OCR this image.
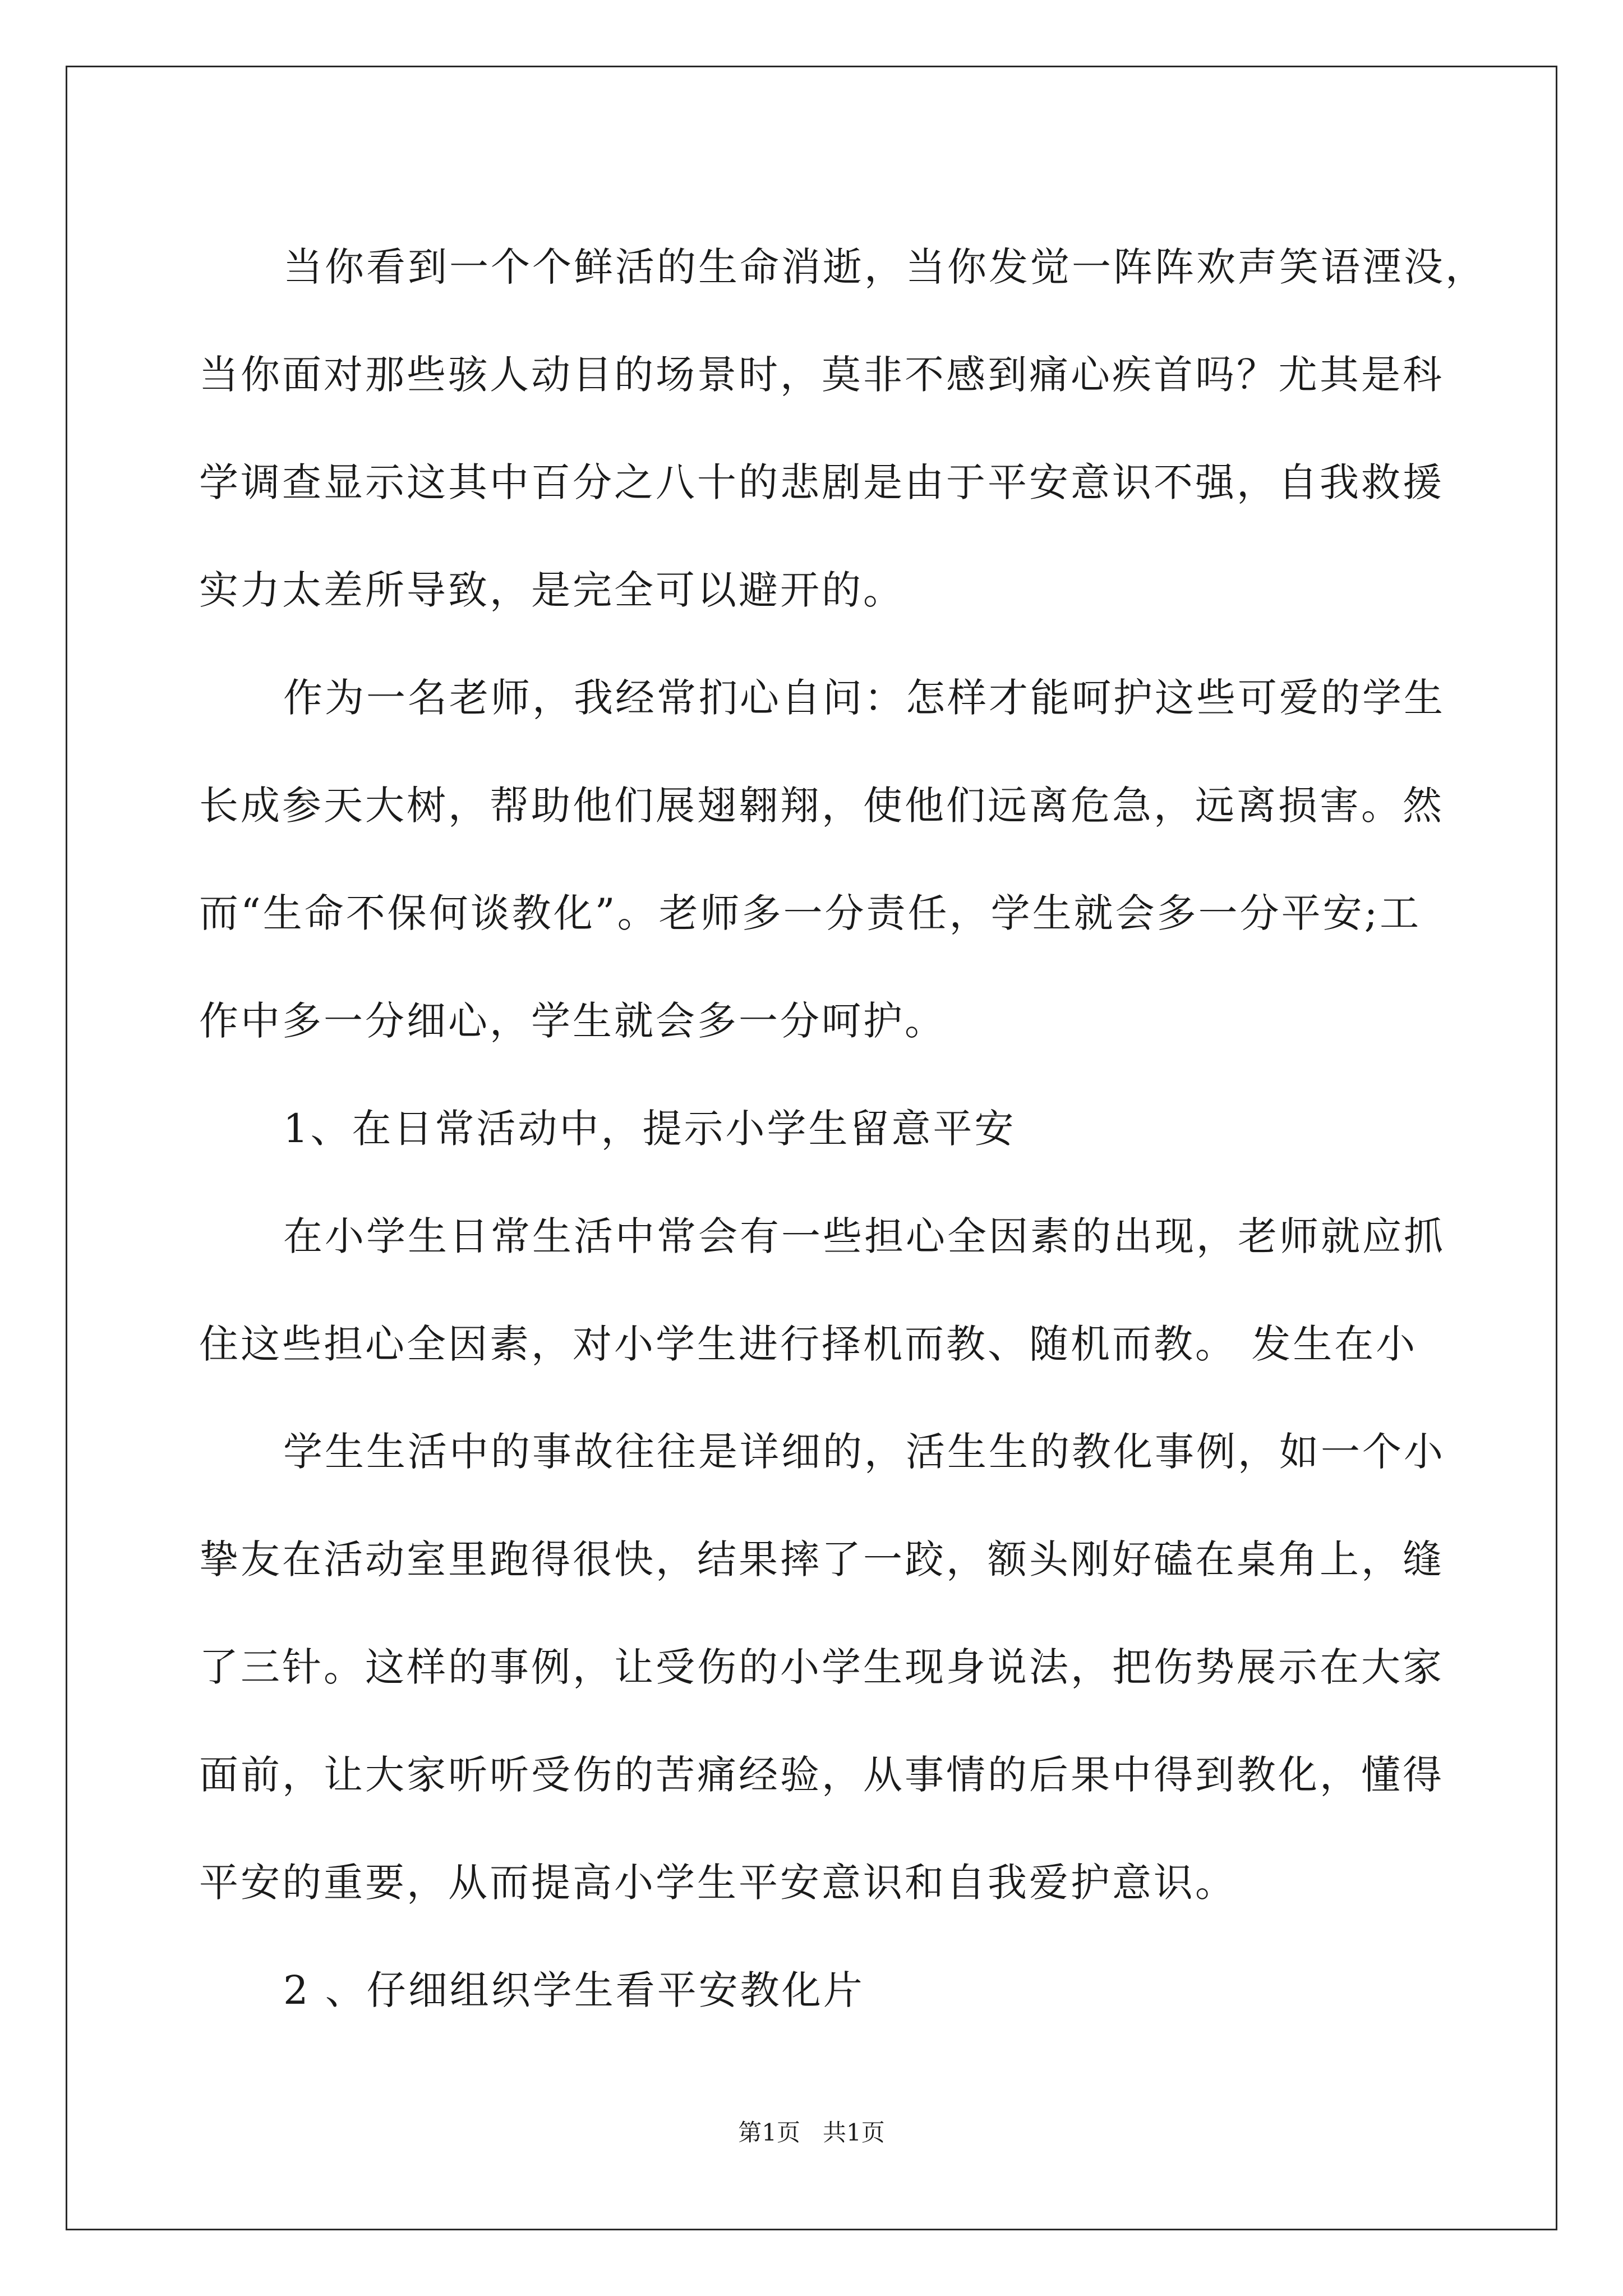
当你看到一个个鲜活的生命消逝，当你发觉一阵阵欢声笑语湮没，
当你面对那些骇人动目的场景时，莫非不感到痛心疾首吗？尤其是科
学调查显示这其中百分之八十的悲剧是由于平安意识不强，自我救援
实力太差所导致，是完全可以避开的。
作为一名老师，我经常扪心自问：怎样才能呵护这些可爱的学生
长成参天大树，帮助他们展翅翱翔，使他们远离危急，远离损害。然
而“生命不保何谈教化”。老师多一分责任，学生就会多一分平安;工
作中多一分细心，学生就会多一分呵护。
1、在日常活动中，提示小学生留意平安
在小学生日常生活中常会有一些担心全因素的出现，老师就应抓
住这些担心全因素，对小学生进行择机而教、随机而教。 发生在小
学生生活中的事故往往是详细的，活生生的教化事例，如一个小
挚友在活动室里跑得很快，结果摔了一跤，额头刚好磕在桌角上，缝
了三针。这样的事例，让受伤的小学生现身说法，把伤势展示在大家
面前，让大家听听受伤的苦痛经验，从事情的后果中得到教化，懂得
平安的重要，从而提高小学生平安意识和自我爱护意识。
2 、仔细组织学生看平安教化片
第1页   共1页
